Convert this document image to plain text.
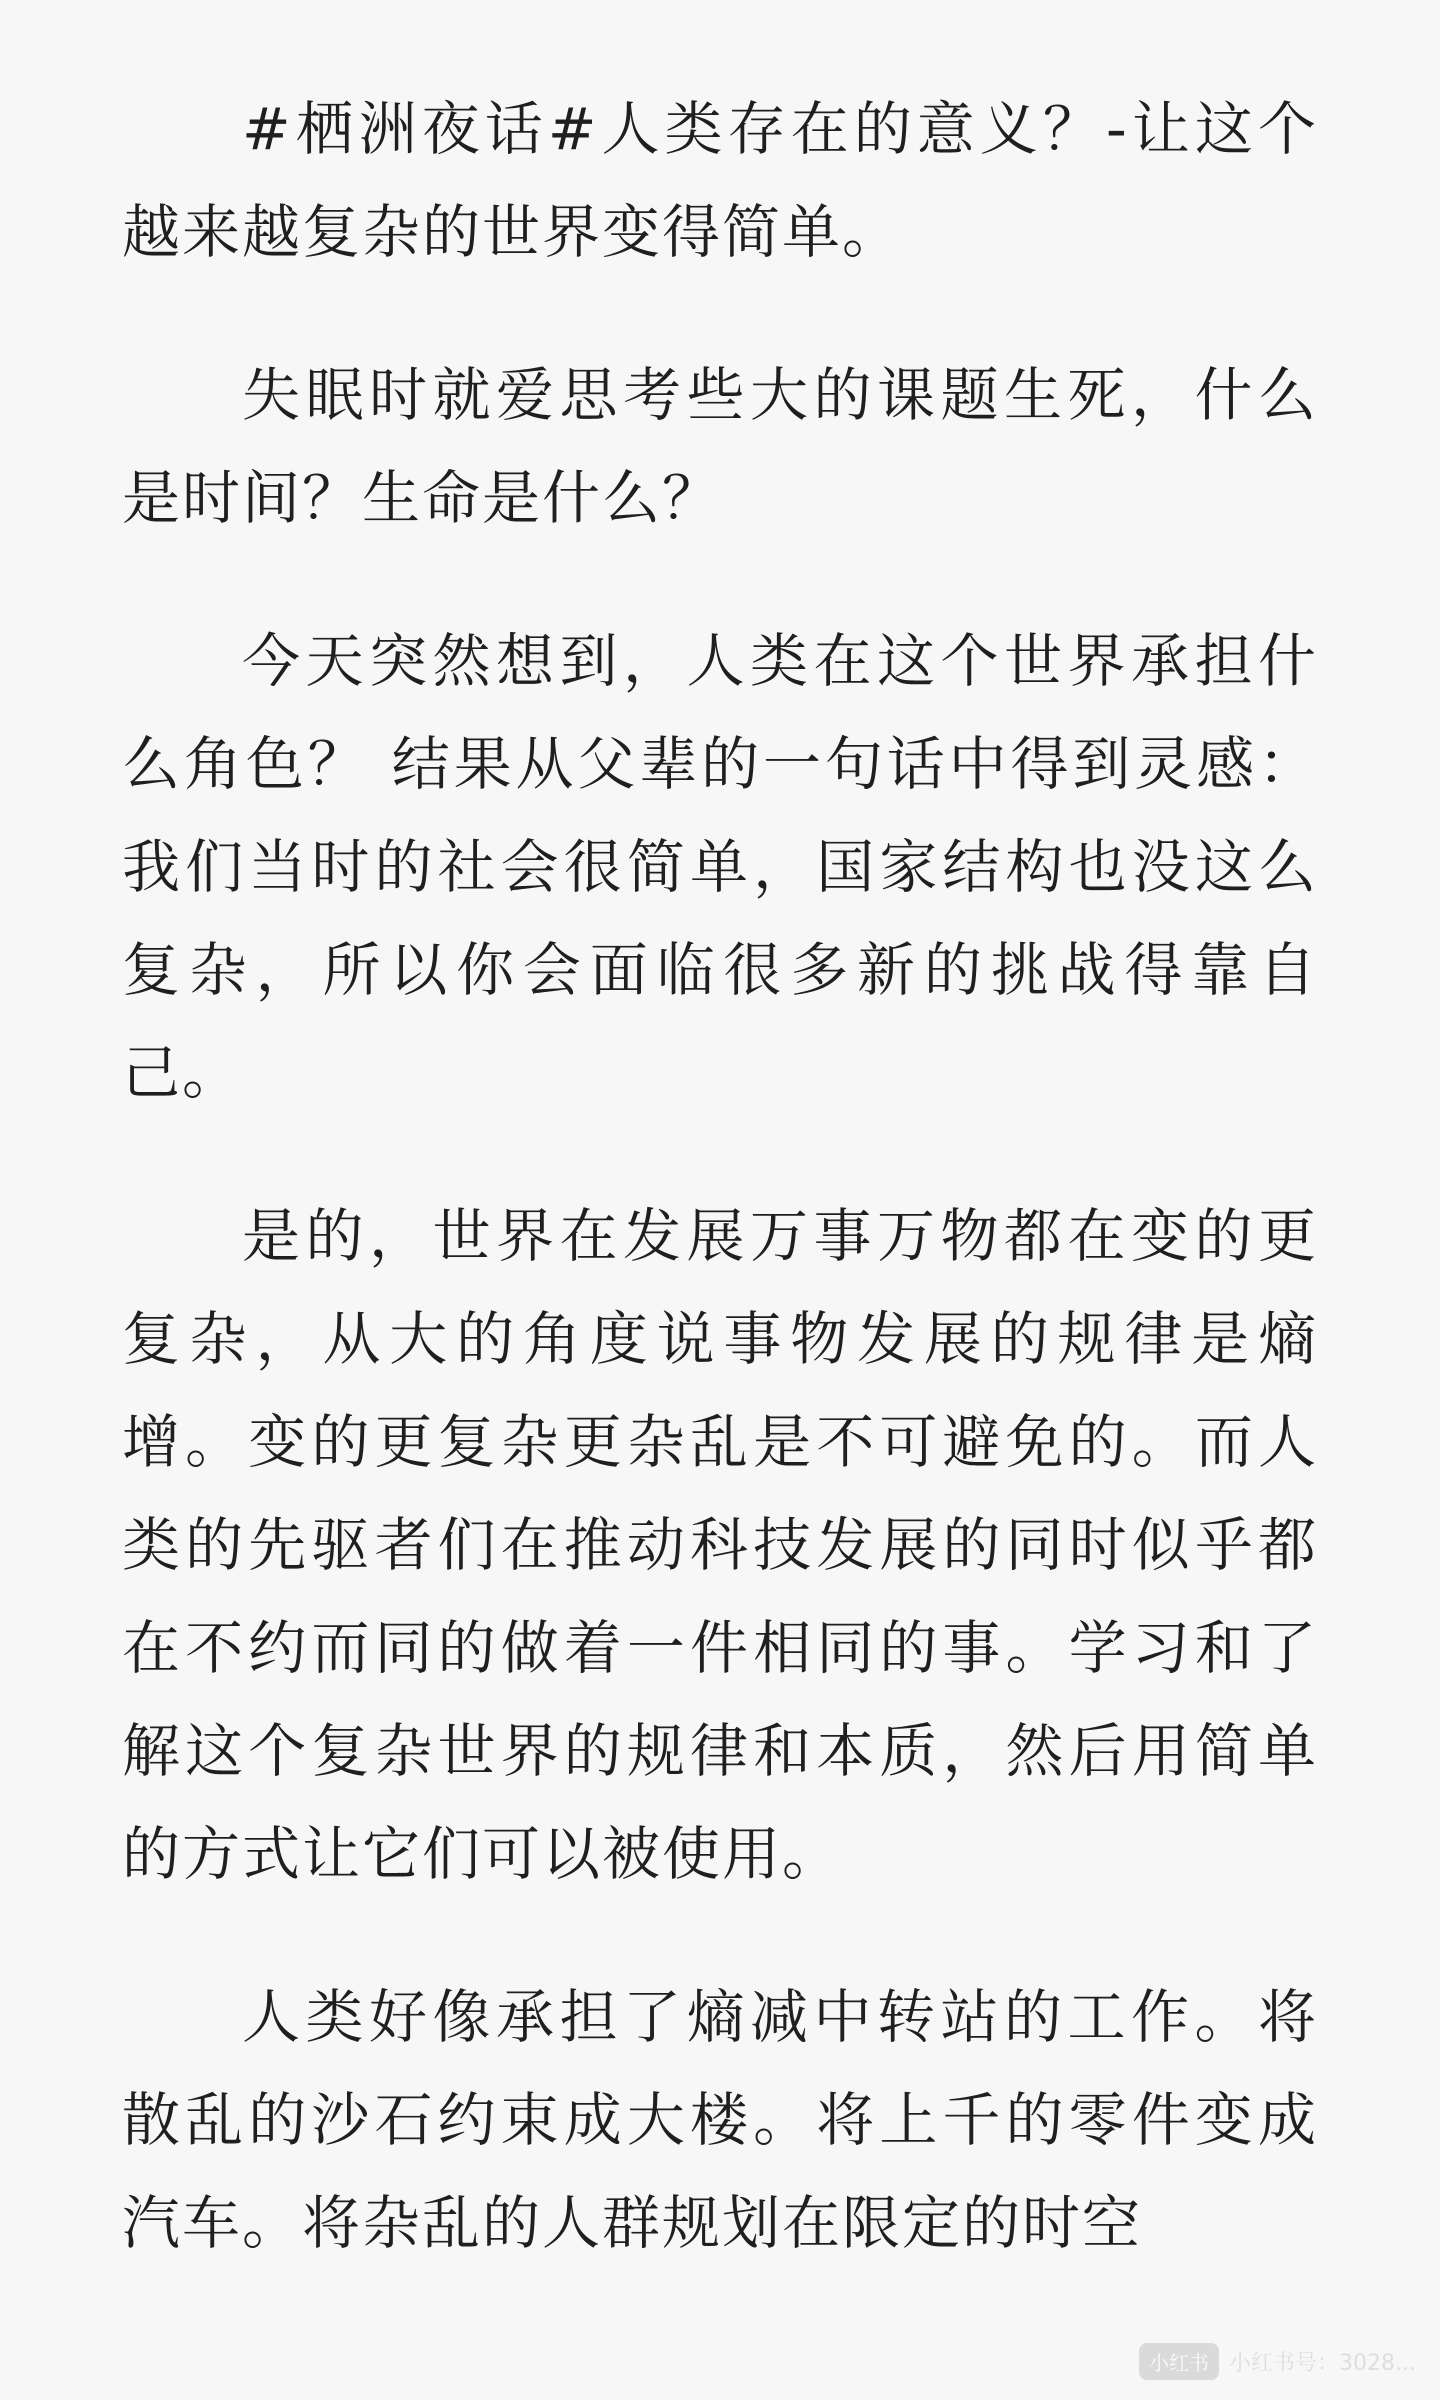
#栖洲夜话#人类存在的意义？-让这个越来越复杂的世界变得简单。

失眠时就爱思考些大的课题生死，什么是时间？生命是什么？

今天突然想到，人类在这个世界承担什么角色？ 结果从父辈的一句话中得到灵感：我们当时的社会很简单，国家结构也没这么复杂，所以你会面临很多新的挑战得靠自己。

是的，世界在发展万事万物都在变的更复杂，从大的角度说事物发展的规律是熵增。变的更复杂更杂乱是不可避免的。而人类的先驱者们在推动科技发展的同时似乎都在不约而同的做着一件相同的事。学习和了解这个复杂世界的规律和本质，然后用简单的方式让它们可以被使用。

人类好像承担了熵减中转站的工作。将散乱的沙石约束成大楼。将上千的零件变成汽车。将杂乱的人群规划在限定的时空

小红书 小红书号：3028...
